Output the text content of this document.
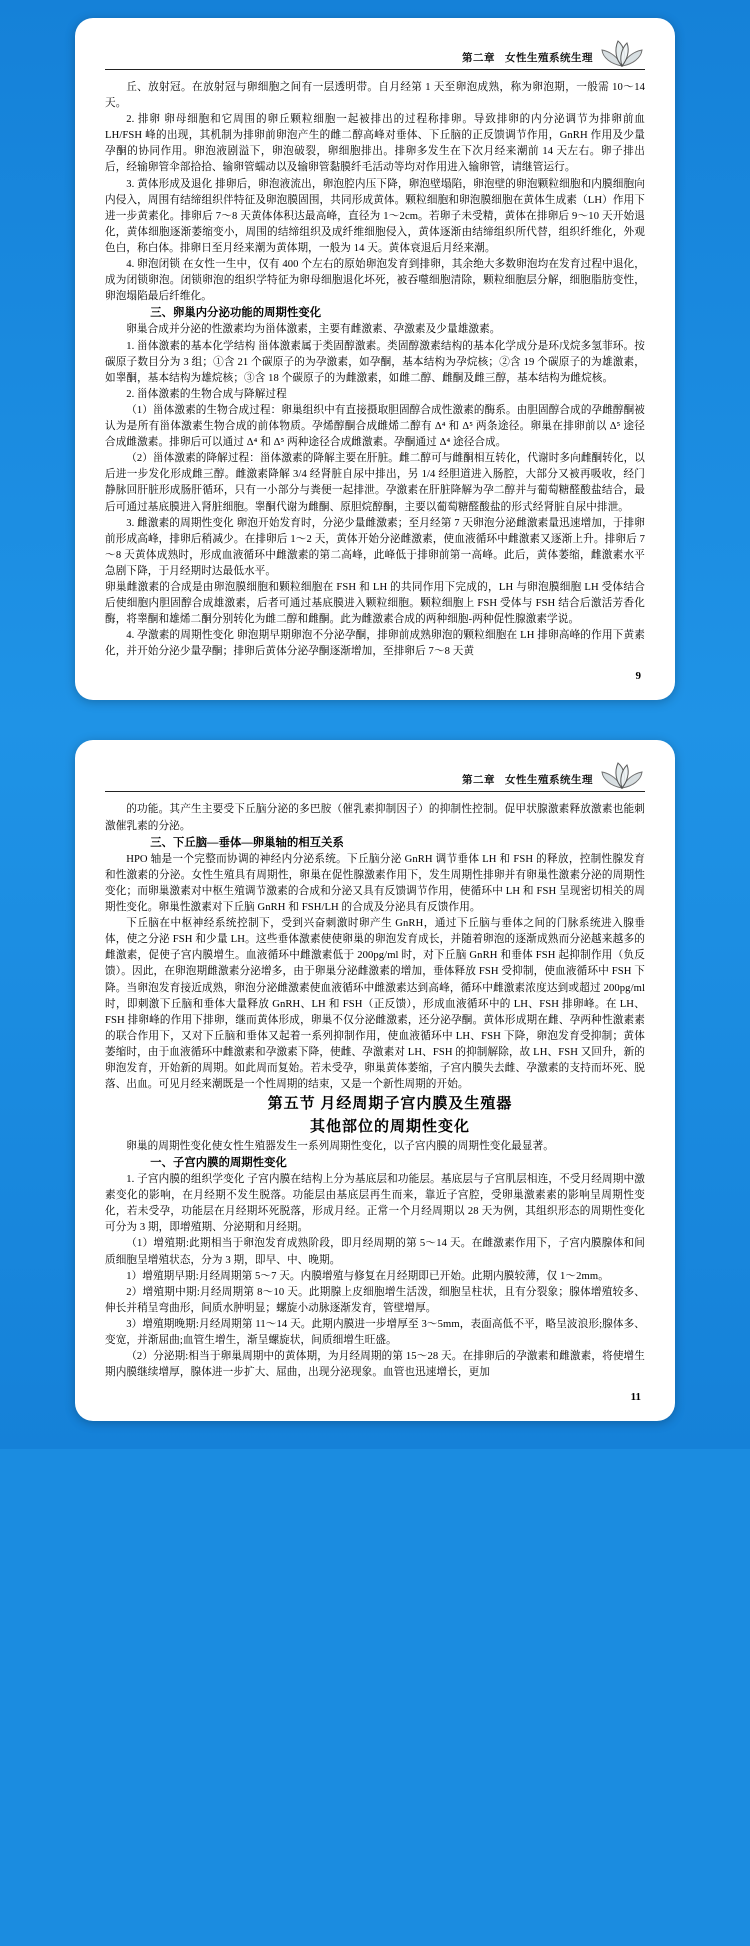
第二章 女性生殖系统生理

丘、放射冠。在放射冠与卵细胞之间有一层透明带。自月经第 1 天至卵泡成熟，称为卵泡期，一般需 10～14 天。

2. 排卵 卵母细胞和它周围的卵丘颗粒细胞一起被排出的过程称排卵。导致排卵的内分泌调节为排卵前血 LH/FSH 峰的出现，其机制为排卵前卵泡产生的雌二醇高峰对垂体、下丘脑的正反馈调节作用，GnRH 作用及少量孕酮的协同作用。卵泡液剧溢下，卵泡破裂，卵细胞排出。排卵多发生在下次月经来潮前 14 天左右。卵子排出后，经输卵管伞部拾拾、输卵管蠕动以及输卵管黏膜纤毛活动等均对作用进入输卵管，请继管运行。

3. 黄体形成及退化 排卵后，卵泡液流出，卵泡腔内压下降，卵泡壁塌陷，卵泡壁的卵泡颗粒细胞和内膜细胞向内侵入，周围有结缔组织伴特征及卵泡膜固围，共同形成黄体。颗粒细胞和卵泡膜细胞在黄体生成素（LH）作用下进一步黄素化。排卵后 7～8 天黄体体积达最高峰，直径为 1～2cm。若卵子未受精，黄体在排卵后 9～10 天开始退化，黄体细胞逐渐萎缩变小，周围的结缔组织及成纤维细胞侵入，黄体逐渐由结缔组织所代替，组织纤维化，外观色白，称白体。排卵日至月经来潮为黄体期，一般为 14 天。黄体衰退后月经来潮。

4. 卵泡闭锁 在女性一生中，仅有 400 个左右的原始卵泡发育到排卵，其余绝大多数卵泡均在发育过程中退化，成为闭锁卵泡。闭锁卵泡的组织学特征为卵母细胞退化坏死，被吞噬细胞清除，颗粒细胞层分解，细胞脂肪变性，卵泡塌陷最后纤维化。

三、卵巢内分泌功能的周期性变化

卵巢合成并分泌的性激素均为甾体激素，主要有雌激素、孕激素及少量雄激素。

1. 甾体激素的基本化学结构 甾体激素属于类固醇激素。类固醇激素结构的基本化学成分是环戊烷多氢菲环。按碳原子数目分为 3 组；①含 21 个碳原子的为孕激素，如孕酮，基本结构为孕烷核；②含 19 个碳原子的为雄激素，如睾酮，基本结构为雄烷核；③含 18 个碳原子的为雌激素，如雌二醇、雌酮及雌三醇，基本结构为雌烷核。

2. 甾体激素的生物合成与降解过程

（1）甾体激素的生物合成过程：卵巢组织中有直接摄取胆固醇合成性激素的酶系。由胆固醇合成的孕雌醇酮被认为是所有甾体激素生物合成的前体物质。孕烯醇酮合成雌烯二醇有 Δ⁴ 和 Δ⁵ 两条途径。卵巢在排卵前以 Δ⁵ 途径合成雌激素。排卵后可以通过 Δ⁴ 和 Δ⁵ 两种途径合成雌激素。孕酮通过 Δ⁴ 途径合成。

（2）甾体激素的降解过程：甾体激素的降解主要在肝脏。雌二醇可与雌酮相互转化，代谢时多向雌酮转化，以后进一步发化形成雌三醇。雌激素降解 3/4 经肾脏自尿中排出，另 1/4 经胆道进入肠腔，大部分又被再吸收，经门静脉回肝脏形成肠肝循环，只有一小部分与粪便一起排泄。孕激素在肝脏降解为孕二醇并与葡萄糖醛酸盐结合，最后可通过基底膜进入肾脏细胞。睾酮代谢为雌酮、原胆烷醇酮，主要以葡萄糖醛酸盐的形式经肾脏自尿中排泄。

3. 雌激素的周期性变化 卵泡开始发育时，分泌少量雌激素；至月经第 7 天卵泡分泌雌激素量迅速增加，于排卵前形成高峰，排卵后稍减少。在排卵后 1～2 天，黄体开始分泌雌激素，使血液循环中雌激素又逐渐上升。排卵后 7～8 天黄体成熟时，形成血液循环中雌激素的第二高峰，此峰低于排卵前第一高峰。此后，黄体萎缩，雌激素水平急剧下降，于月经期时达最低水平。

卵巢雌激素的合成是由卵泡膜细胞和颗粒细胞在 FSH 和 LH 的共同作用下完成的，LH 与卵泡膜细胞 LH 受体结合后使细胞内胆固醇合成雄激素，后者可通过基底膜进入颗粒细胞。颗粒细胞上 FSH 受体与 FSH 结合后激活芳香化酶，将睾酮和雄烯二酮分别转化为雌二醇和雌酮。此为雌激素合成的两种细胞-两种促性腺激素学说。

4. 孕激素的周期性变化 卵泡期早期卵泡不分泌孕酮，排卵前成熟卵泡的颗粒细胞在 LH 排卵高峰的作用下黄素化，并开始分泌少量孕酮；排卵后黄体分泌孕酮逐渐增加，至排卵后 7～8 天黄

9
第二章 女性生殖系统生理

的功能。其产生主要受下丘脑分泌的多巴胺（催乳素抑制因子）的抑制性控制。促甲状腺激素释放激素也能刺激催乳素的分泌。

三、下丘脑—垂体—卵巢轴的相互关系

HPO 轴是一个完整而协调的神经内分泌系统。下丘脑分泌 GnRH 调节垂体 LH 和 FSH 的释放，控制性腺发育和性激素的分泌。女性生殖具有周期性，卵巢在促性腺激素作用下，发生周期性排卵并有卵巢性激素分泌的周期性变化；而卵巢激素对中枢生殖调节激素的合成和分泌又具有反馈调节作用，使循环中 LH 和 FSH 呈现密切相关的周期性变化。卵巢性激素对下丘脑 GnRH 和 FSH/LH 的合成及分泌具有反馈作用。

下丘脑在中枢神经系统控制下，受到兴奋刺激时卵产生 GnRH，通过下丘脑与垂体之间的门脉系统进入腺垂体，使之分泌 FSH 和少量 LH。这些垂体激素使使卵巢的卵泡发育成长，并随着卵泡的逐渐成熟而分泌越来越多的雌激素，促使子宫内膜增生。血液循环中雌激素低于 200pg/ml 时，对下丘脑 GnRH 和垂体 FSH 起抑制作用（负反馈）。因此，在卵泡期雌激素分泌增多，由于卵巢分泌雌激素的增加，垂体释放 FSH 受抑制，使血液循环中 FSH 下降。当卵泡发育接近成熟，卵泡分泌雌激素使血液循环中雌激素达到高峰，循环中雌激素浓度达到或超过 200pg/ml 时，即刺激下丘脑和垂体大量释放 GnRH、LH 和 FSH（正反馈），形成血液循环中的 LH、FSH 排卵峰。在 LH、FSH 排卵峰的作用下排卵，继而黄体形成，卵巢不仅分泌雌激素，还分泌孕酮。黄体形成期在雌、孕两种性激素素的联合作用下，又对下丘脑和垂体又起着一系列抑制作用，使血液循环中 LH、FSH 下降，卵泡发育受抑制；黄体萎缩时，由于血液循环中雌激素和孕激素下降，使雌、孕激素对 LH、FSH 的抑制解除，故 LH、FSH 又回升，新的卵泡发育，开始新的周期。如此周而复始。若未受孕，卵巢黄体萎缩，子宫内膜失去雌、孕激素的支持而坏死、脱落、出血。可见月经来潮既是一个性周期的结束，又是一个新性周期的开始。

第五节 月经周期子宫内膜及生殖器

其他部位的周期性变化

卵巢的周期性变化使女性生殖器发生一系列周期性变化，以子宫内膜的周期性变化最显著。

一、子宫内膜的周期性变化

1. 子宫内膜的组织学变化 子宫内膜在结构上分为基底层和功能层。基底层与子宫肌层相连，不受月经周期中激素变化的影响，在月经期不发生脱落。功能层由基底层再生而来，靠近子宫腔，受卵巢激素素的影响呈周期性变化，若未受孕，功能层在月经期坏死脱落，形成月经。正常一个月经周期以 28 天为例，其组织形态的周期性变化可分为 3 期，即增殖期、分泌期和月经期。

（1）增殖期:此期相当于卵泡发育成熟阶段，即月经周期的第 5～14 天。在雌激素作用下，子宫内膜腺体和间质细胞呈增殖状态，分为 3 期，即早、中、晚期。

1）增殖期早期:月经周期第 5～7 天。内膜增殖与修复在月经期即已开始。此期内膜较薄，仅 1～2mm。

2）增殖期中期:月经周期第 8～10 天。此期腺上皮细胞增生活泼，细胞呈柱状，且有分裂象；腺体增殖较多、伸长并稍呈弯曲形，间质水肿明显；螺旋小动脉逐渐发育，管壁增厚。

3）增殖期晚期:月经周期第 11～14 天。此期内膜进一步增厚至 3～5mm，表面高低不平，略呈波浪形;腺体多、变宽，并渐屈曲;血管生增生，渐呈螺旋状，间质细增生旺盛。

（2）分泌期:相当于卵巢周期中的黄体期，为月经周期的第 15～28 天。在排卵后的孕激素和雌激素，将使增生期内膜继续增厚，腺体进一步扩大、屈曲，出现分泌现象。血管也迅速增长，更加

11
